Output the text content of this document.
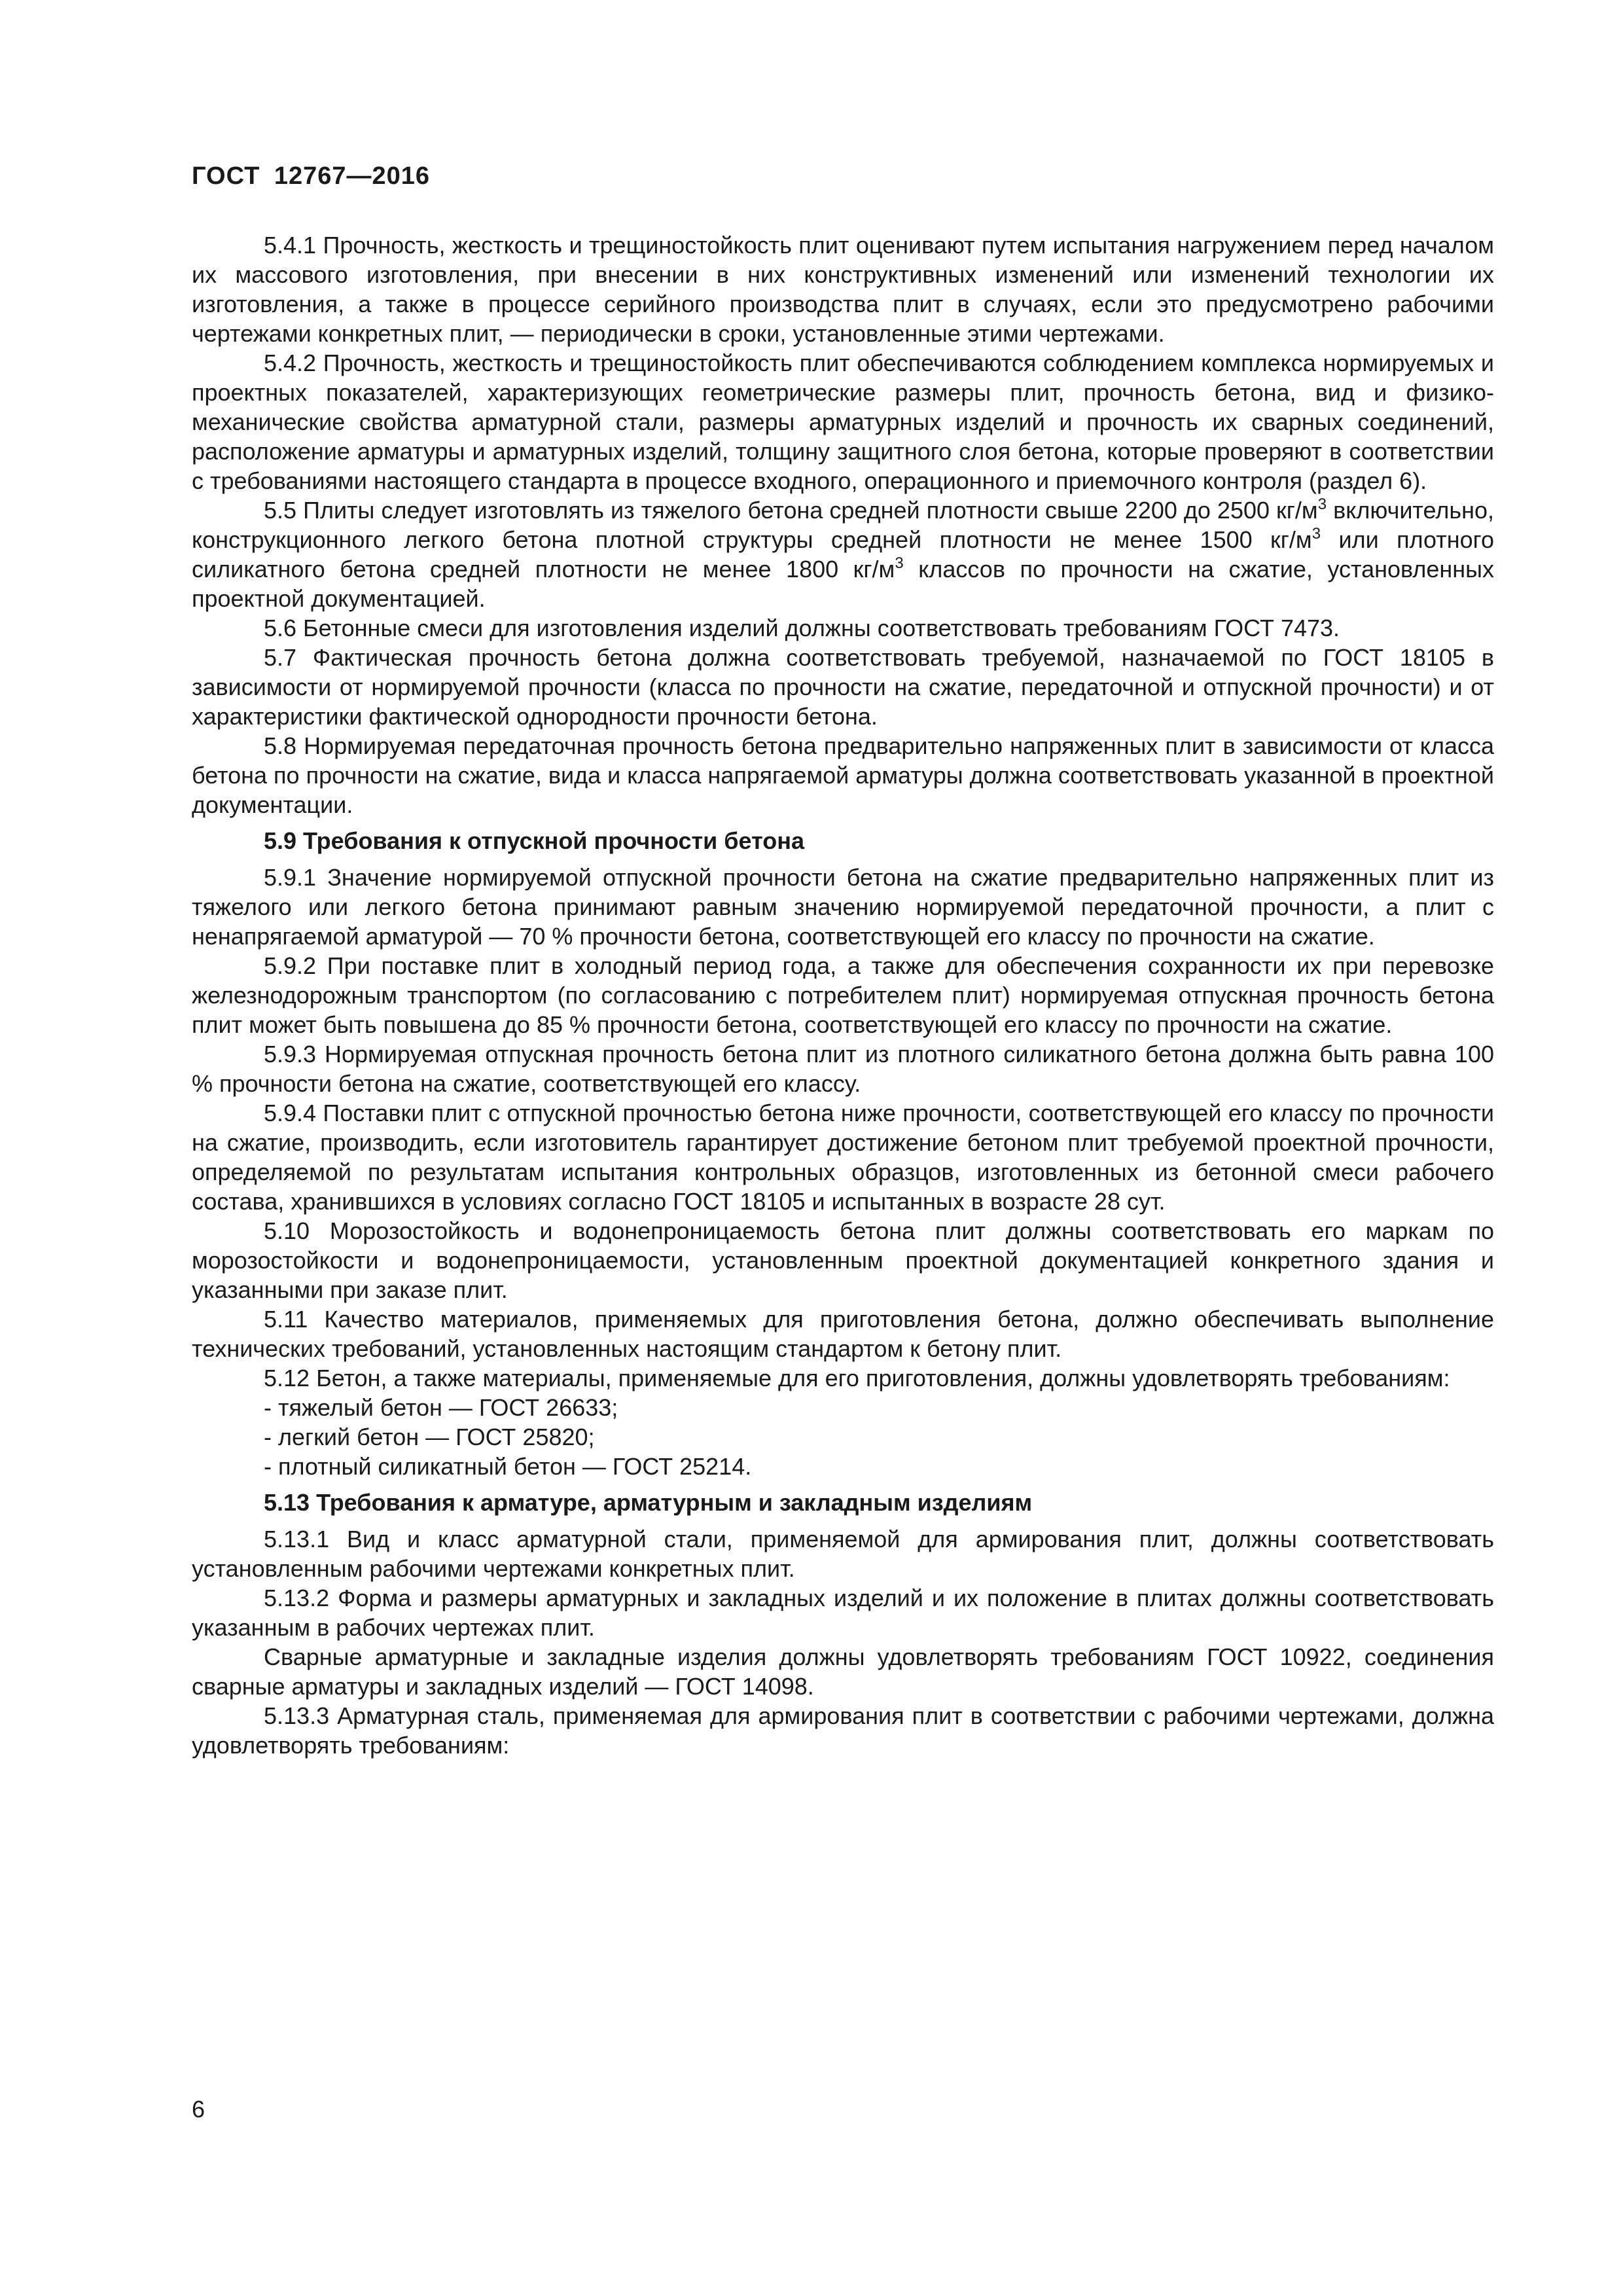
ГОСТ 12767—2016

5.4.1 Прочность, жесткость и трещиностойкость плит оценивают путем испытания нагружением перед началом их массового изготовления, при внесении в них конструктивных изменений или изменений технологии их изготовления, а также в процессе серийного производства плит в случаях, если это предусмотрено рабочими чертежами конкретных плит, — периодически в сроки, установленные этими чертежами.

5.4.2 Прочность, жесткость и трещиностойкость плит обеспечиваются соблюдением комплекса нормируемых и проектных показателей, характеризующих геометрические размеры плит, прочность бетона, вид и физико-механические свойства арматурной стали, размеры арматурных изделий и прочность их сварных соединений, расположение арматуры и арматурных изделий, толщину защитного слоя бетона, которые проверяют в соответствии с требованиями настоящего стандарта в процессе входного, операционного и приемочного контроля (раздел 6).

5.5 Плиты следует изготовлять из тяжелого бетона средней плотности свыше 2200 до 2500 $кг/м^3$ включительно, конструкционного легкого бетона плотной структуры средней плотности не менее 1500 $кг/м^3$ или плотного силикатного бетона средней плотности не менее 1800 $кг/м^3$ классов по прочности на сжатие, установленных проектной документацией.

5.6 Бетонные смеси для изготовления изделий должны соответствовать требованиям ГОСТ 7473.

5.7 Фактическая прочность бетона должна соответствовать требуемой, назначаемой по ГОСТ 18105 в зависимости от нормируемой прочности (класса по прочности на сжатие, передаточной и отпускной прочности) и от характеристики фактической однородности прочности бетона.

5.8 Нормируемая передаточная прочность бетона предварительно напряженных плит в зависимости от класса бетона по прочности на сжатие, вида и класса напрягаемой арматуры должна соответствовать указанной в проектной документации.

5.9 Требования к отпускной прочности бетона

5.9.1 Значение нормируемой отпускной прочности бетона на сжатие предварительно напряженных плит из тяжелого или легкого бетона принимают равным значению нормируемой передаточной прочности, а плит с ненапрягаемой арматурой — 70 % прочности бетона, соответствующей его классу по прочности на сжатие.

5.9.2 При поставке плит в холодный период года, а также для обеспечения сохранности их при перевозке железнодорожным транспортом (по согласованию с потребителем плит) нормируемая отпускная прочность бетона плит может быть повышена до 85 % прочности бетона, соответствующей его классу по прочности на сжатие.

5.9.3 Нормируемая отпускная прочность бетона плит из плотного силикатного бетона должна быть равна 100 % прочности бетона на сжатие, соответствующей его классу.

5.9.4 Поставки плит с отпускной прочностью бетона ниже прочности, соответствующей его классу по прочности на сжатие, производить, если изготовитель гарантирует достижение бетоном плит требуемой проектной прочности, определяемой по результатам испытания контрольных образцов, изготовленных из бетонной смеси рабочего состава, хранившихся в условиях согласно ГОСТ 18105 и испытанных в возрасте 28 сут.

5.10 Морозостойкость и водонепроницаемость бетона плит должны соответствовать его маркам по морозостойкости и водонепроницаемости, установленным проектной документацией конкретного здания и указанными при заказе плит.

5.11 Качество материалов, применяемых для приготовления бетона, должно обеспечивать выполнение технических требований, установленных настоящим стандартом к бетону плит.

5.12 Бетон, а также материалы, применяемые для его приготовления, должны удовлетворять требованиям:

- тяжелый бетон — ГОСТ 26633;

- легкий бетон — ГОСТ 25820;

- плотный силикатный бетон — ГОСТ 25214.

5.13 Требования к арматуре, арматурным и закладным изделиям

5.13.1 Вид и класс арматурной стали, применяемой для армирования плит, должны соответствовать установленным рабочими чертежами конкретных плит.

5.13.2 Форма и размеры арматурных и закладных изделий и их положение в плитах должны соответствовать указанным в рабочих чертежах плит.

Сварные арматурные и закладные изделия должны удовлетворять требованиям ГОСТ 10922, соединения сварные арматуры и закладных изделий — ГОСТ 14098.

5.13.3 Арматурная сталь, применяемая для армирования плит в соответствии с рабочими чертежами, должна удовлетворять требованиям:

6
